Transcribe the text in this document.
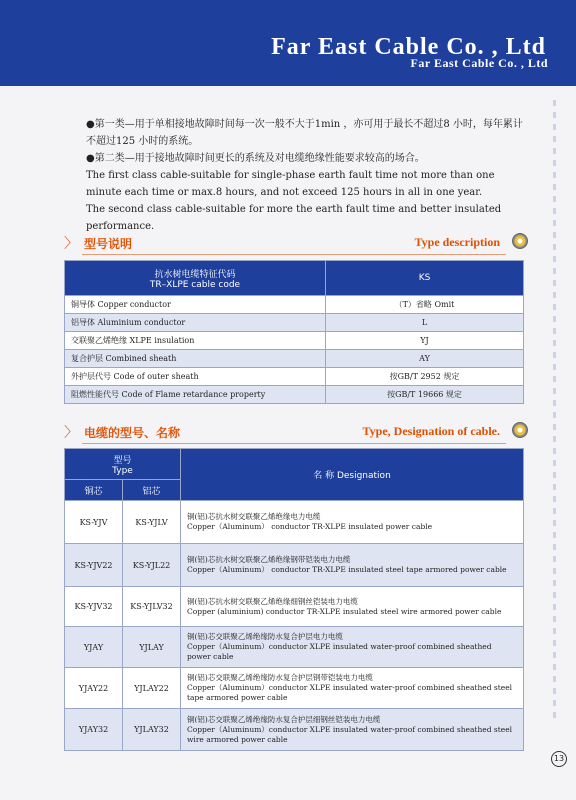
Far East Cable Co. , Ltd
Far East Cable Co. , Ltd

●第一类—用于单相接地故障时间每一次一般不大于1min ，亦可用于最长不超过8 小时，每年累计不超过125 小时的系统。

●第二类—用于接地故障时间更长的系统及对电缆绝缘性能要求较高的场合。

The first class cable-suitable for single-phase earth fault time not more than one minute each time or max.8 hours, and not exceed 125 hours in all in one year.

The second class cable-suitable for more the earth fault time and better insulated performance.

〉 型号说明	Type description
抗水树电缆特征代码
TR–XLPE cable code	KS
铜导体 Copper conductor	（T）省略 Omit
铝导体 Aluminium conductor	L
交联聚乙烯绝缘 XLPE insulation	YJ
复合护层 Combined sheath	AY
外护层代号 Code of outer sheath	按GB/T 2952 规定
阻燃性能代号 Code of Flame retardance property	按GB/T 19666 规定
〉 电缆的型号、名称	Type, Designation of cable.
型号
Type		名 称 Designation
铜芯	铝芯	
KS-YJV	KS-YJLV	铜(铝)芯抗水树交联聚乙烯绝缘电力电缆
Copper（Aluminum） conductor TR-XLPE insulated power cable

KS-YJV22	KS-YJL22	铜(铝)芯抗水树交联聚乙烯绝缘钢带铠装电力电缆
Copper（Aluminum） conductor TR-XLPE insulated steel tape armored power cable

KS-YJV32	KS-YJLV32	铜(铝)芯抗水树交联聚乙烯绝缘细钢丝铠装电力电缆
Copper (aluminium) conductor TR-XLPE insulated steel wire armored power cable

YJAY	YJLAY	铜(铝)芯交联聚乙烯绝缘防水复合护层电力电缆
Copper（Aluminum）conductor XLPE insulated water-proof combined sheathed power cable

YJAY22	YJLAY22	铜(铝)芯交联聚乙烯绝缘防水复合护层钢带铠装电力电缆
Copper（Aluminum）conductor XLPE insulated water-proof combined sheathed steel tape armored power cable

YJAY32	YJLAY32	铜(铝)芯交联聚乙烯绝缘防水复合护层细钢丝铠装电力电缆
Copper（Aluminum）conductor XLPE insulated water-proof combined sheathed steel wire armored power cable
13
